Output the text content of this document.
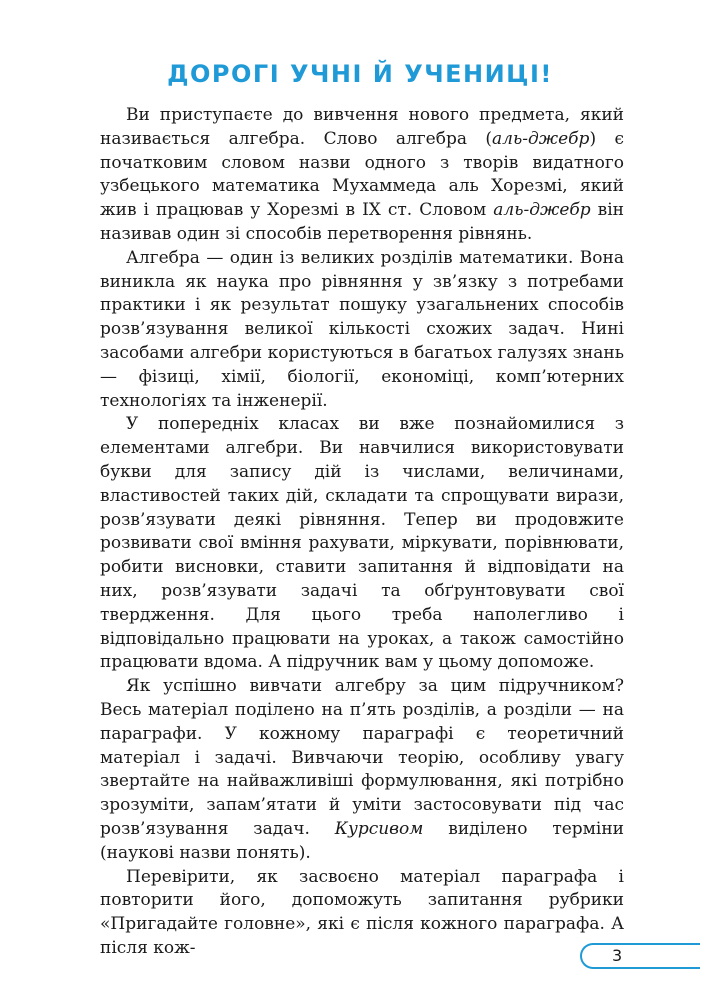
ДОРОГІ УЧНІ Й УЧЕНИЦІ!

Ви приступаєте до вивчення нового предмета, який називається алгебра. Слово алгебра (аль-джебр) є початковим словом назви одного з творів видатного узбецького математика Мухаммеда аль Хорезмі, який жив і працював у Хорезмі в IX ст. Словом аль-джебр він називав один зі способів перетворення рівнянь.

Алгебра — один із великих розділів математики. Вона виникла як наука про рівняння у зв’язку з потребами практики і як результат пошуку узагальнених способів розв’язування великої кількості схожих задач. Нині засобами алгебри користуються в багатьох галузях знань — фізиці, хімії, біології, економіці, комп’ютерних технологіях та інженерії.

У попередніх класах ви вже познайомилися з елементами алгебри. Ви навчилися використовувати букви для запису дій із числами, величинами, властивостей таких дій, складати та спрощувати вирази, розв’язувати деякі рівняння. Тепер ви продовжите розвивати свої вміння рахувати, міркувати, порівнювати, робити висновки, ставити запитання й відповідати на них, розв’язувати задачі та обґрунтовувати свої твердження. Для цього треба наполегливо і відповідально працювати на уроках, а також самостійно працювати вдома. А підручник вам у цьому допоможе.

Як успішно вивчати алгебру за цим підручником? Весь матеріал поділено на п’ять розділів, а розділи — на параграфи. У кожному параграфі є теоретичний матеріал і задачі. Вивчаючи теорію, особливу увагу звертайте на найважливіші формулювання, які потрібно зрозуміти, запам’ятати й уміти застосовувати під час розв’язування задач. Курсивом виділено терміни (наукові назви понять).

Перевірити, як засвоєно матеріал параграфа і повторити його, допоможуть запитання рубрики «Пригадайте головне», які є після кожного параграфа. А після кож-	3
